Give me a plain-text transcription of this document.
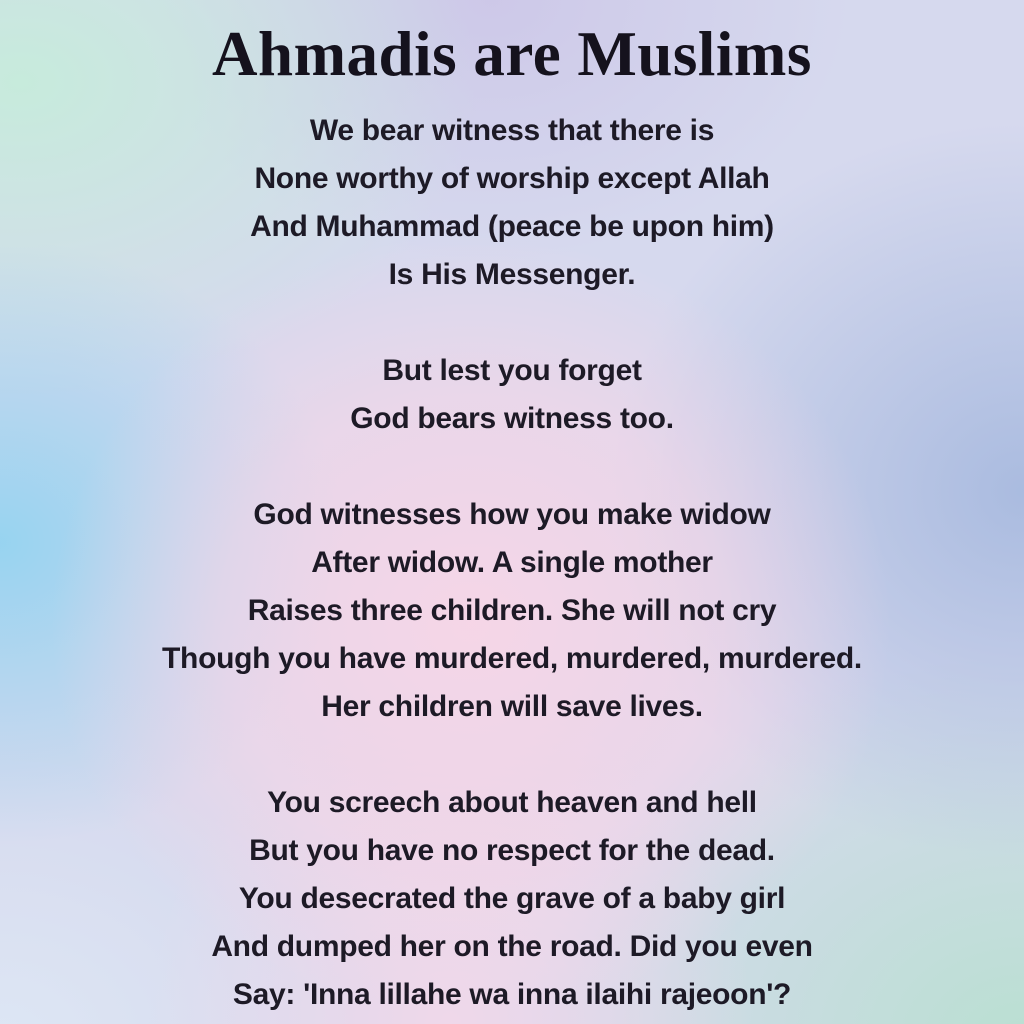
Ahmadis are Muslims

We bear witness that there is
None worthy of worship except Allah
And Muhammad (peace be upon him)
Is His Messenger.

But lest you forget
God bears witness too.

God witnesses how you make widow
After widow. A single mother
Raises three children. She will not cry
Though you have murdered, murdered, murdered.
Her children will save lives.

You screech about heaven and hell
But you have no respect for the dead.
You desecrated the grave of a baby girl
And dumped her on the road. Did you even
Say: 'Inna lillahe wa inna ilaihi rajeoon'?
